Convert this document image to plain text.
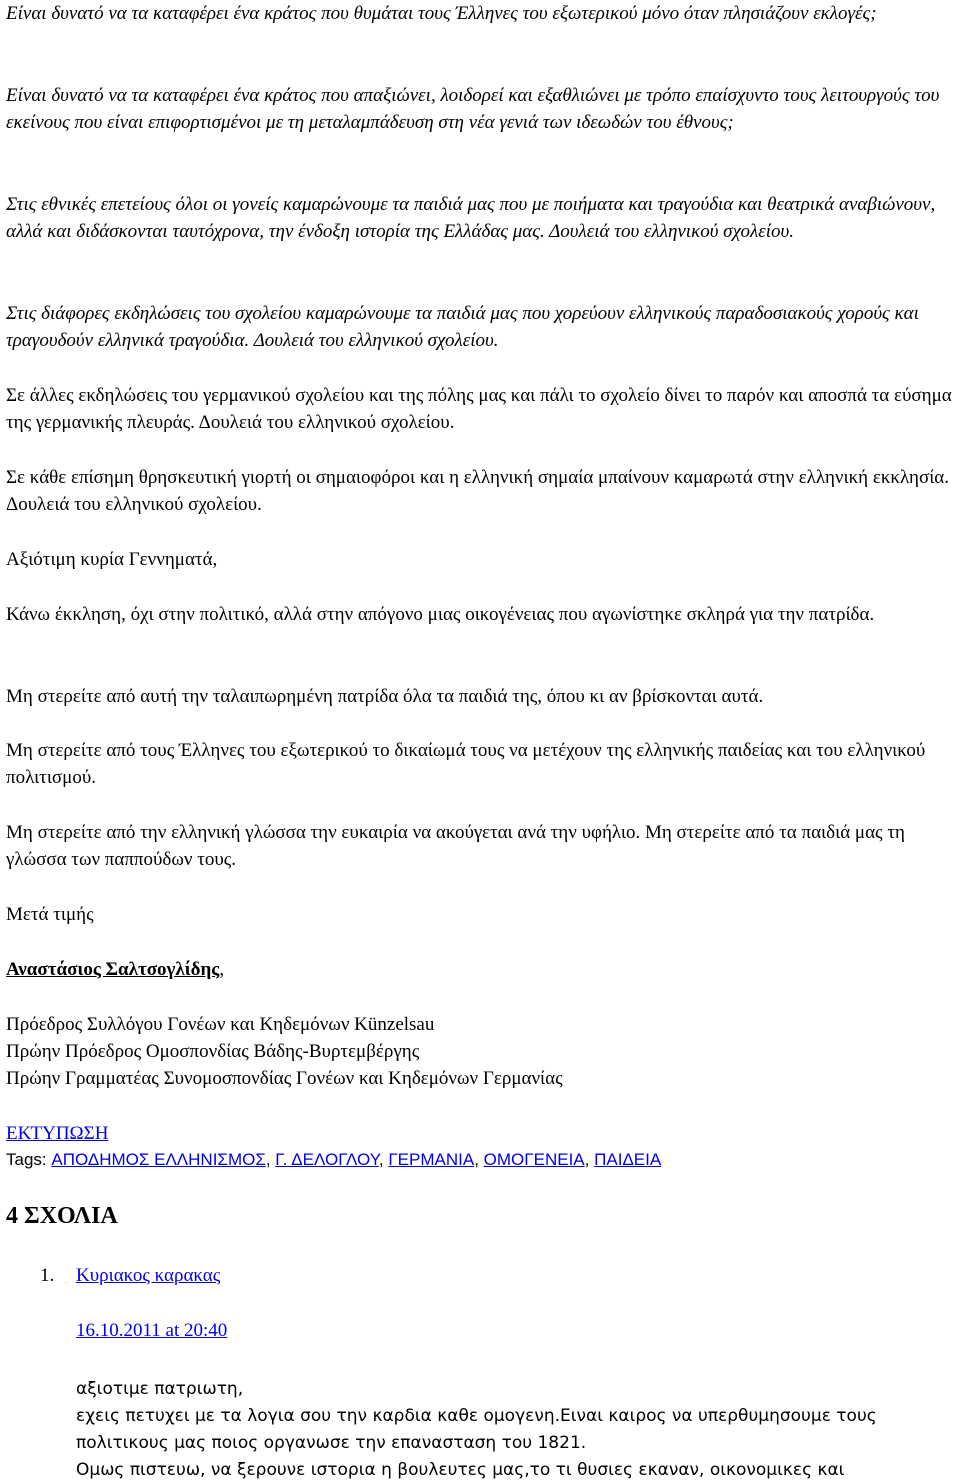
Είναι δυνατό να τα καταφέρει ένα κράτος που θυμάται τους Έλληνες του εξωτερικού μόνο όταν πλησιάζουν εκλογές;

Είναι δυνατό να τα καταφέρει ένα κράτος που απαξιώνει, λοιδορεί και εξαθλιώνει με τρόπο επαίσχυντο τους λειτουργούς του εκείνους που είναι επιφορτισμένοι με τη μεταλαμπάδευση στη νέα γενιά των ιδεωδών του έθνους;

Στις εθνικές επετείους όλοι οι γονείς καμαρώνουμε τα παιδιά μας που με ποιήματα και τραγούδια και θεατρικά αναβιώνουν, αλλά και διδάσκονται ταυτόχρονα, την ένδοξη ιστορία της Ελλάδας μας. Δουλειά του ελληνικού σχολείου.

Στις διάφορες εκδηλώσεις του σχολείου καμαρώνουμε τα παιδιά μας που χορεύουν ελληνικούς παραδοσιακούς χορούς και τραγουδούν ελληνικά τραγούδια. Δουλειά του ελληνικού σχολείου.

Σε άλλες εκδηλώσεις του γερμανικού σχολείου και της πόλης μας και πάλι το σχολείο δίνει το παρόν και αποσπά τα εύσημα της γερμανικής πλευράς. Δουλειά του ελληνικού σχολείου.

Σε κάθε επίσημη θρησκευτική γιορτή οι σημαιοφόροι και η ελληνική σημαία μπαίνουν καμαρωτά στην ελληνική εκκλησία. Δουλειά του ελληνικού σχολείου.

Αξιότιμη κυρία Γεννηματά,

Κάνω έκκληση, όχι στην πολιτικό, αλλά στην απόγονο μιας οικογένειας που αγωνίστηκε σκληρά για την πατρίδα.

Μη στερείτε από αυτή την ταλαιπωρημένη πατρίδα όλα τα παιδιά της, όπου κι αν βρίσκονται αυτά.

Μη στερείτε από τους Έλληνες του εξωτερικού το δικαίωμά τους να μετέχουν της ελληνικής παιδείας και του ελληνικού πολιτισμού.

Μη στερείτε από την ελληνική γλώσσα την ευκαιρία να ακούγεται ανά την υφήλιο. Μη στερείτε από τα παιδιά μας τη γλώσσα των παππούδων τους.

Μετά τιμής

Αναστάσιος Σαλτσογλίδης,

Πρόεδρος Συλλόγου Γονέων και Κηδεμόνων Künzelsau

Πρώην Πρόεδρος Ομοσπονδίας Βάδης-Βυρτεμβέργης

Πρώην Γραμματέας Συνομοσπονδίας Γονέων και Κηδεμόνων Γερμανίας

ΕΚΤΥΠΩΣΗ
Tags: ΑΠΟΔΗΜΟΣ ΕΛΛΗΝΙΣΜΟΣ, Γ. ΔΕΛΟΓΛΟΥ, ΓΕΡΜΑΝΙΑ, ΟΜΟΓΕΝΕΙΑ, ΠΑΙΔΕΙΑ
4 ΣΧΟΛΙΑ
1. Κυριακος καρακας
16.10.2011 at 20:40
αξιοτιμε πατριωτη,
εχεις πετυχει με τα λογια σου την καρδια καθε ομογενη.Ειναι καιρος να υπερθυμησουμε τους πολιτικους μας ποιος οργανωσε την επανασταση του 1821.
Ομως πιστευω, να ξερουνε ιστορια η βουλευτες μας,το τι θυσιες εκαναν, οικονομικες και
